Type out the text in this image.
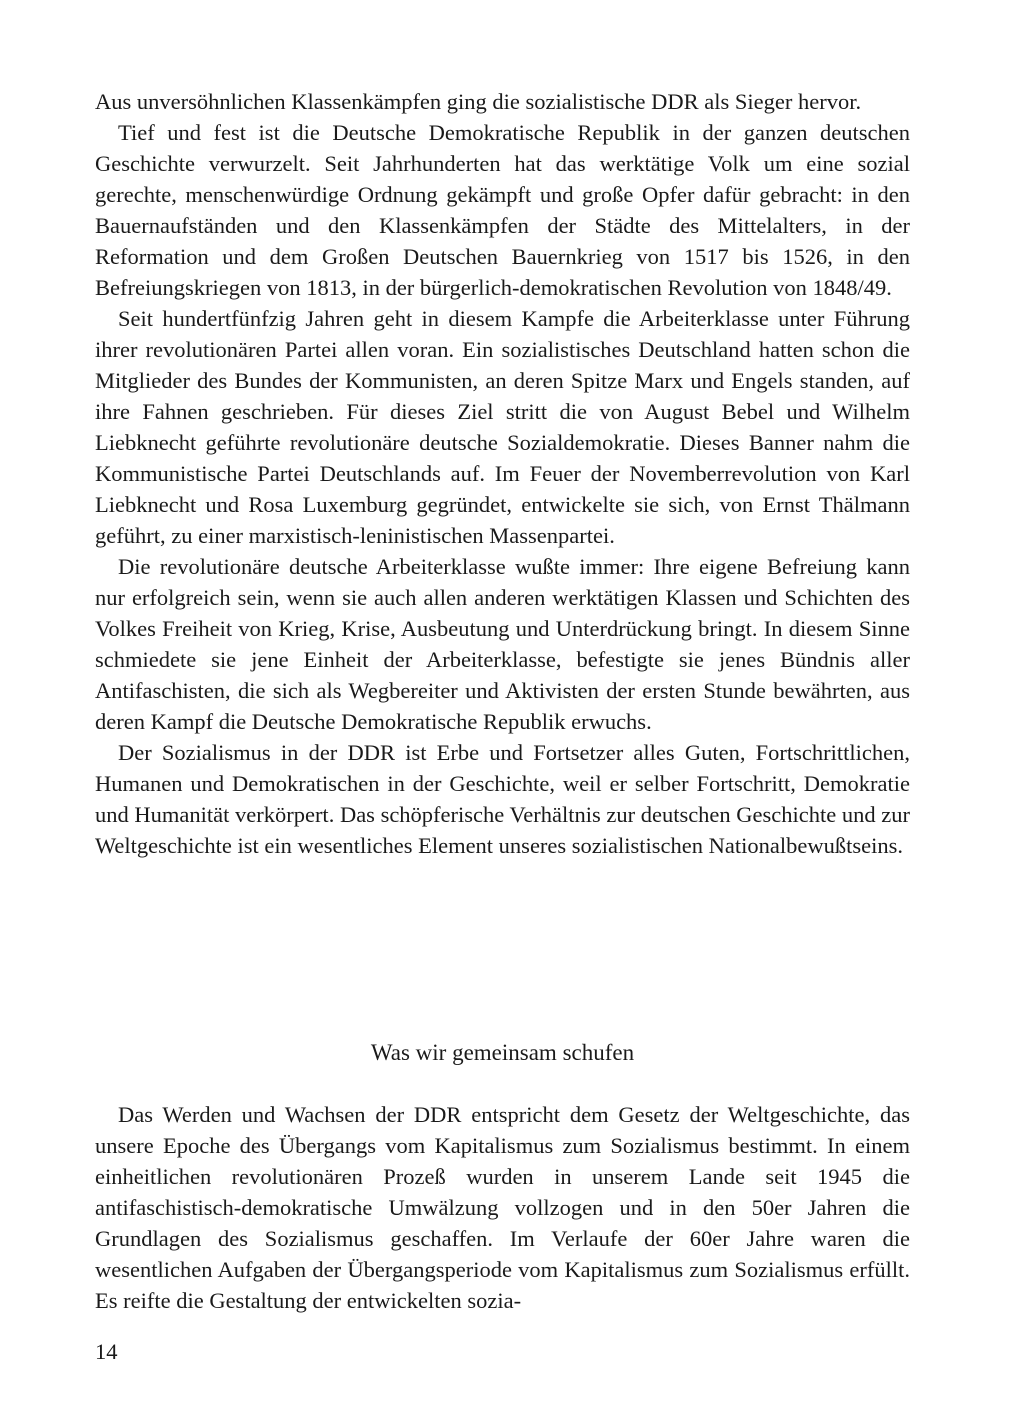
Aus unversöhnlichen Klassenkämpfen ging die sozialistische DDR als Sieger hervor.

Tief und fest ist die Deutsche Demokratische Republik in der ganzen deutschen Geschichte verwurzelt. Seit Jahrhunderten hat das werktätige Volk um eine sozial gerechte, menschenwürdige Ordnung gekämpft und große Opfer dafür gebracht: in den Bauernaufständen und den Klassenkämpfen der Städte des Mittelalters, in der Reformation und dem Großen Deutschen Bauernkrieg von 1517 bis 1526, in den Befreiungskriegen von 1813, in der bürgerlich-demokratischen Revolution von 1848/49.

Seit hundertfünfzig Jahren geht in diesem Kampfe die Arbeiterklasse unter Führung ihrer revolutionären Partei allen voran. Ein sozialistisches Deutschland hatten schon die Mitglieder des Bundes der Kommunisten, an deren Spitze Marx und Engels standen, auf ihre Fahnen geschrieben. Für dieses Ziel stritt die von August Bebel und Wilhelm Liebknecht geführte revolutionäre deutsche Sozialdemokratie. Dieses Banner nahm die Kommunistische Partei Deutschlands auf. Im Feuer der Novemberrevolution von Karl Liebknecht und Rosa Luxemburg gegründet, entwickelte sie sich, von Ernst Thälmann geführt, zu einer marxistisch-leninistischen Massenpartei.

Die revolutionäre deutsche Arbeiterklasse wußte immer: Ihre eigene Befreiung kann nur erfolgreich sein, wenn sie auch allen anderen werktätigen Klassen und Schichten des Volkes Freiheit von Krieg, Krise, Ausbeutung und Unterdrückung bringt. In diesem Sinne schmiedete sie jene Einheit der Arbeiterklasse, befestigte sie jenes Bündnis aller Antifaschisten, die sich als Wegbereiter und Aktivisten der ersten Stunde bewährten, aus deren Kampf die Deutsche Demokratische Republik erwuchs.

Der Sozialismus in der DDR ist Erbe und Fortsetzer alles Guten, Fortschrittlichen, Humanen und Demokratischen in der Geschichte, weil er selber Fortschritt, Demokratie und Humanität verkörpert. Das schöpferische Verhältnis zur deutschen Geschichte und zur Weltgeschichte ist ein wesentliches Element unseres sozialistischen Nationalbewußtseins.

Was wir gemeinsam schufen

Das Werden und Wachsen der DDR entspricht dem Gesetz der Weltgeschichte, das unsere Epoche des Übergangs vom Kapitalismus zum Sozialismus bestimmt. In einem einheitlichen revolutionären Prozeß wurden in unserem Lande seit 1945 die antifaschistisch-demokratische Umwälzung vollzogen und in den 50er Jahren die Grundlagen des Sozialismus geschaffen. Im Verlaufe der 60er Jahre waren die wesentlichen Aufgaben der Übergangsperiode vom Kapitalismus zum Sozialismus erfüllt. Es reifte die Gestaltung der entwickelten sozia-

14
